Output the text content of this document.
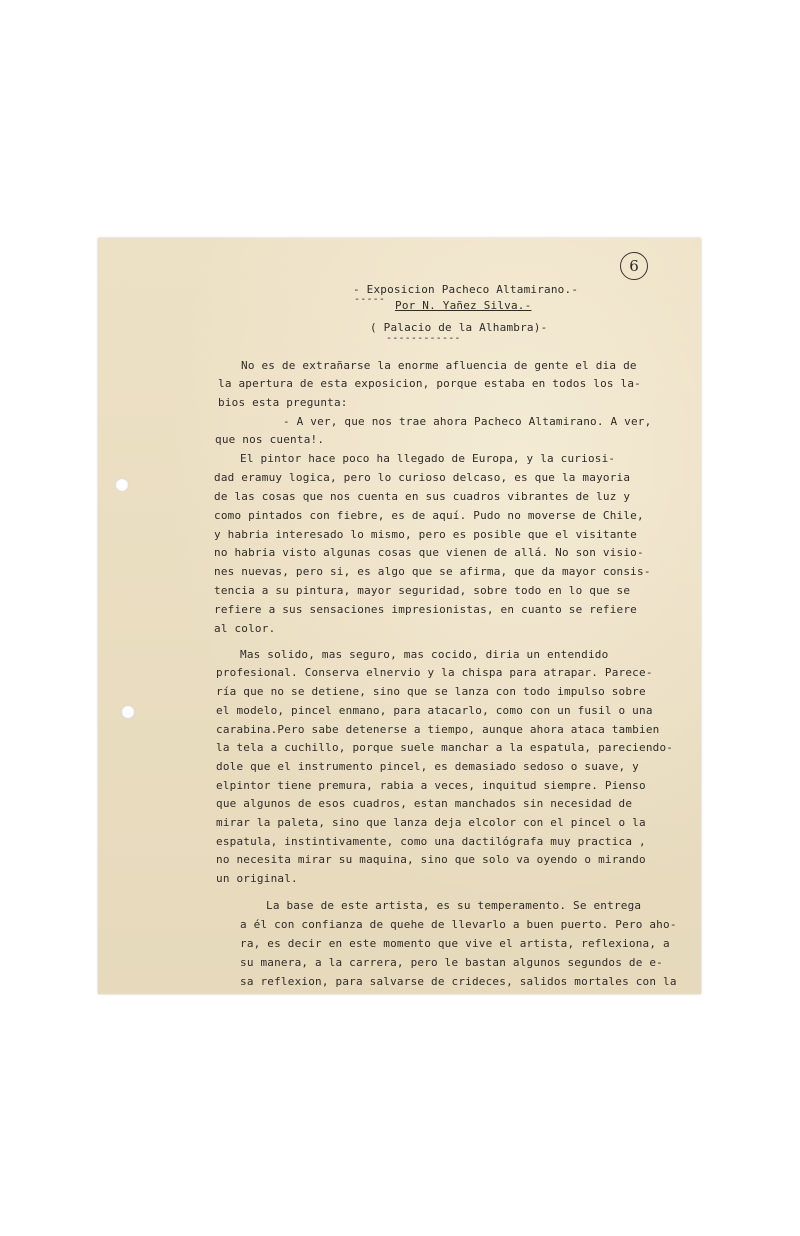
6
- Exposicion Pacheco Altamirano.-
----- Por N. Yañez Silva.-
( Palacio de la Alhambra)-
------------
No es de extrañarse la enorme afluencia de gente el dia de
la apertura de esta exposicion, porque estaba en todos los la-
bios esta pregunta:
- A ver, que nos trae ahora Pacheco Altamirano. A ver,
que nos cuenta!.
El pintor hace poco ha llegado de Europa, y la curiosi-
dad eramuy logica, pero lo curioso delcaso, es que la mayoria
de las cosas que nos cuenta en sus cuadros vibrantes de luz y
como pintados con fiebre, es de aquí. Pudo no moverse de Chile,
y habria interesado lo mismo, pero es posible que el visitante
no habria visto algunas cosas que vienen de allá. No son visio-
nes nuevas, pero si, es algo que se afirma, que da mayor consis-
tencia a su pintura, mayor seguridad, sobre todo en lo que se
refiere a sus sensaciones impresionistas, en cuanto se refiere
al color.
Mas solido, mas seguro, mas cocido, diria un entendido
profesional. Conserva elnervio y la chispa para atrapar. Parece-
ría que no se detiene, sino que se lanza con todo impulso sobre
el modelo, pincel enmano, para atacarlo, como con un fusil o una
carabina.Pero sabe detenerse a tiempo, aunque ahora ataca tambien
la tela a cuchillo, porque suele manchar a la espatula, pareciendo-
dole que el instrumento pincel, es demasiado sedoso o suave, y
elpintor tiene premura, rabia a veces, inquitud siempre. Pienso
que algunos de esos cuadros, estan manchados sin necesidad de
mirar la paleta, sino que lanza deja elcolor con el pincel o la
espatula, instintivamente, como una dactilógrafa muy practica ,
no necesita mirar su maquina, sino que solo va oyendo o mirando
un original.
La base de este artista, es su temperamento. Se entrega
a él con confianza de quehe de llevarlo a buen puerto. Pero aho-
ra, es decir en este momento que vive el artista, reflexiona, a
su manera, a la carrera, pero le bastan algunos segundos de e-
sa reflexion, para salvarse de crideces, salidos mortales con la
